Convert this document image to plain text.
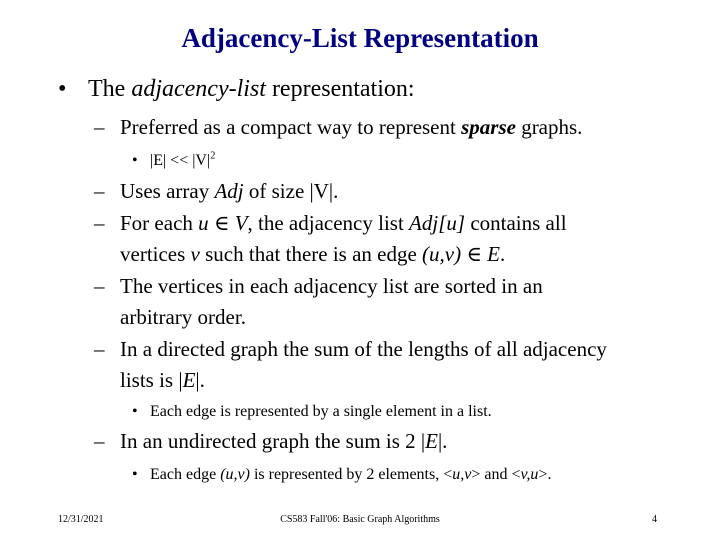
Adjacency-List Representation
• The adjacency-list representation:
– Preferred as a compact way to represent sparse graphs.
• $|E| << |V|^2$
– Uses array Adj of size |V|.
– For each u ∈ V, the adjacency list Adj[u] contains all
vertices v such that there is an edge (u,v) ∈ E.
– The vertices in each adjacency list are sorted in an
arbitrary order.
– In a directed graph the sum of the lengths of all adjacency
lists is |E|.
• Each edge is represented by a single element in a list.
– In an undirected graph the sum is 2 |E|.
• Each edge (u,v) is represented by 2 elements, <u,v> and <v,u>.
12/31/2021	CS583 Fall'06: Basic Graph Algorithms	4
